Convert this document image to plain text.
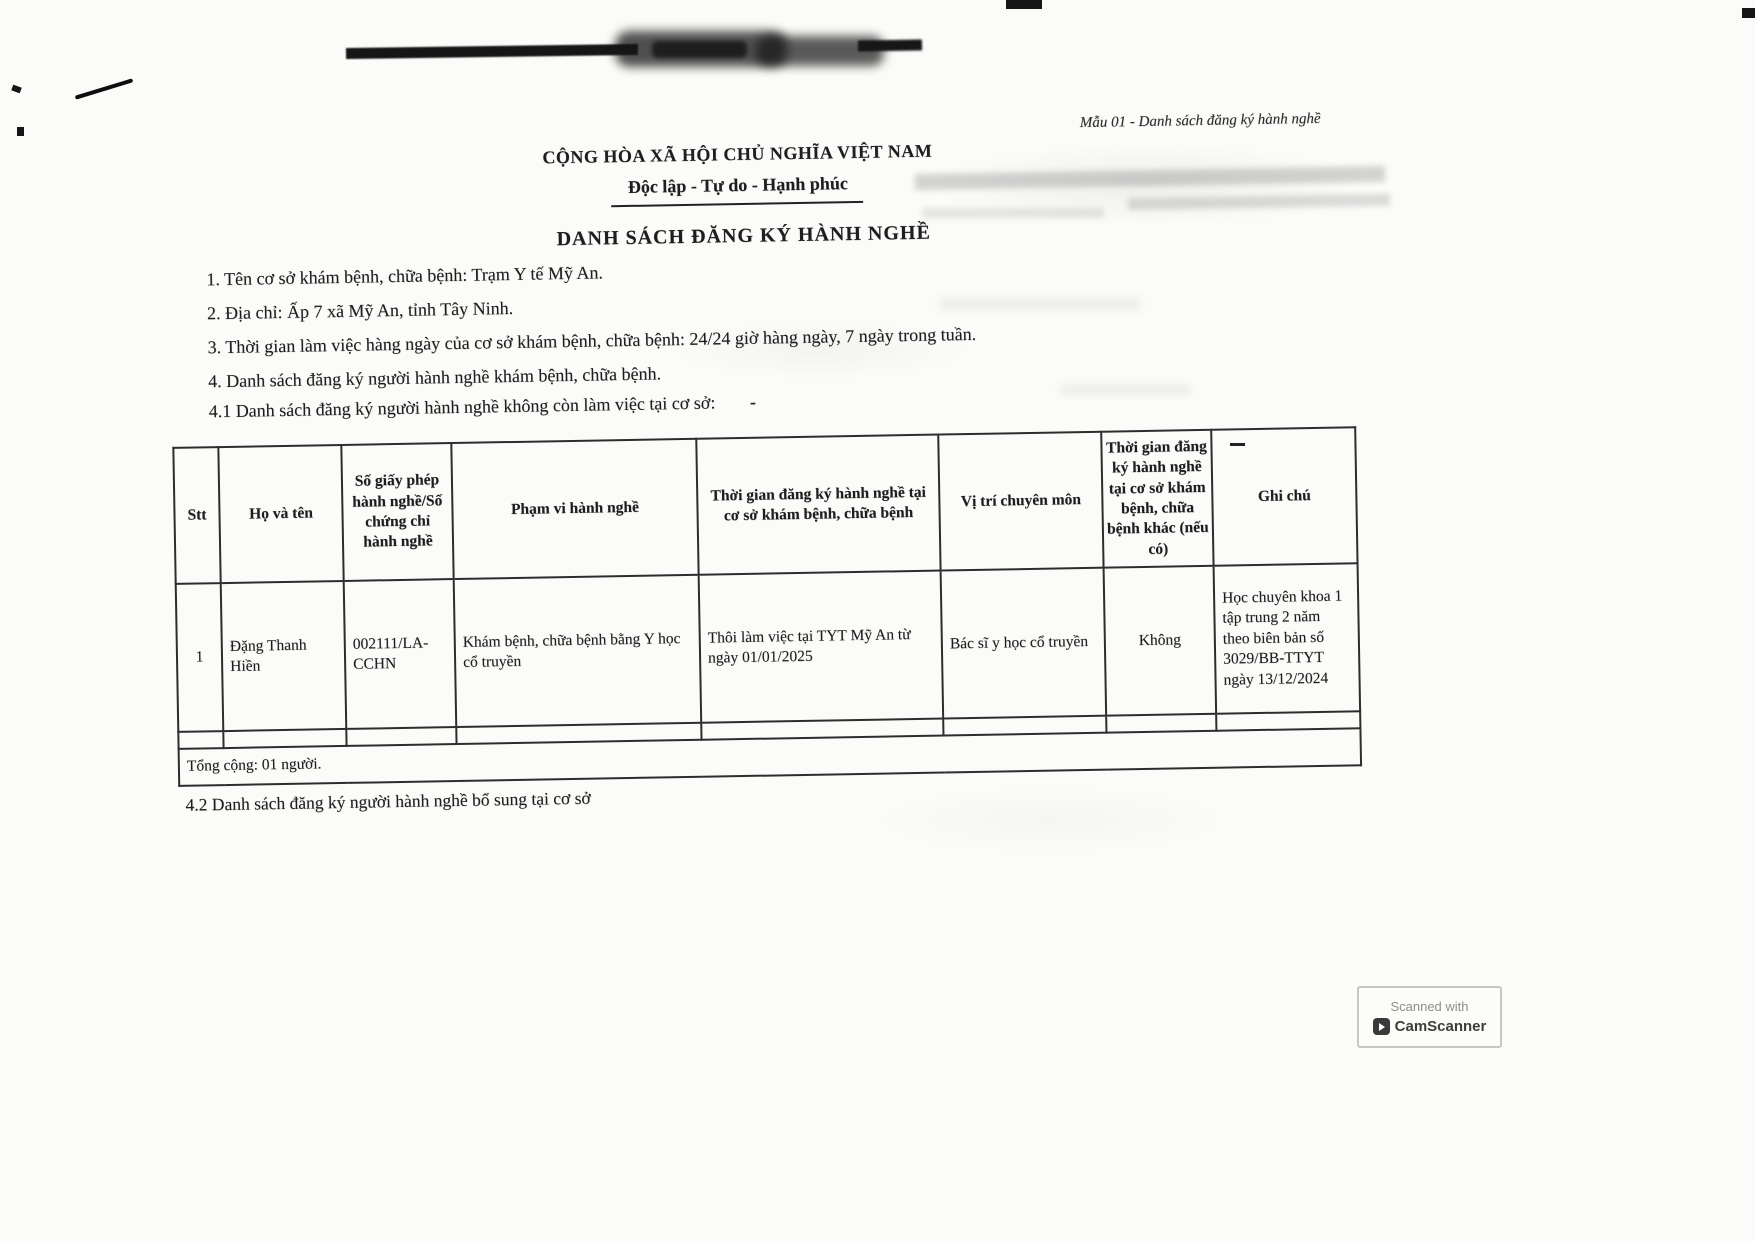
Mẫu 01 - Danh sách đăng ký hành nghề
CỘNG HÒA XÃ HỘI CHỦ NGHĨA VIỆT NAM
Độc lập - Tự do - Hạnh phúc
DANH SÁCH ĐĂNG KÝ HÀNH NGHỀ
1. Tên cơ sở khám bệnh, chữa bệnh: Trạm Y tế Mỹ An.
2. Địa chỉ: Ấp 7 xã Mỹ An, tỉnh Tây Ninh.
3. Thời gian làm việc hàng ngày của cơ sở khám bệnh, chữa bệnh: 24/24 giờ hàng ngày, 7 ngày trong tuần.
4. Danh sách đăng ký người hành nghề khám bệnh, chữa bệnh.
4.1 Danh sách đăng ký người hành nghề không còn làm việc tại cơ sở: -
Stt	Họ và tên	Số giấy phép hành nghề/Số chứng chỉ hành nghề	Phạm vi hành nghề	Thời gian đăng ký hành nghề tại cơ sở khám bệnh, chữa bệnh	Vị trí chuyên môn	Thời gian đăng ký hành nghề tại cơ sở khám bệnh, chữa bệnh khác (nếu có)	Ghi chú
1	Đặng Thanh Hiền	002111/LA-CCHN	Khám bệnh, chữa bệnh bằng Y học cổ truyền	Thôi làm việc tại TYT Mỹ An từ ngày 01/01/2025	Bác sĩ y học cổ truyền	Không	Học chuyên khoa 1 tập trung 2 năm theo biên bản số 3029/BB-TTYT ngày 13/12/2024

Tổng cộng: 01 người.							
4.2 Danh sách đăng ký người hành nghề bổ sung tại cơ sở
Scanned with
CamScanner
